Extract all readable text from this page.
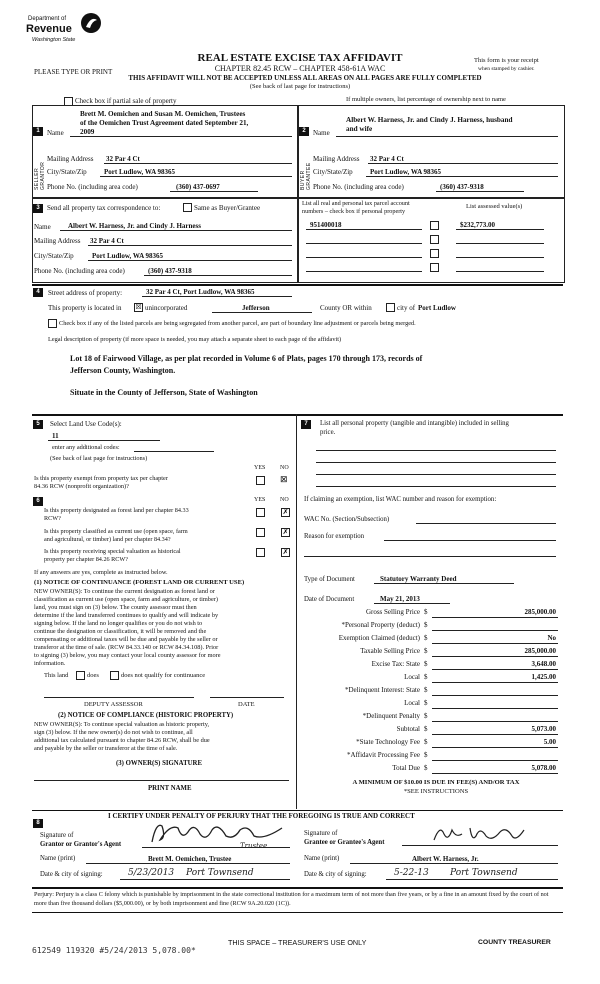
Department of
Revenue
Washington State
REAL ESTATE EXCISE TAX AFFIDAVIT
CHAPTER 82.45 RCW – CHAPTER 458-61A WAC
THIS AFFIDAVIT WILL NOT BE ACCEPTED UNLESS ALL AREAS ON ALL PAGES ARE FULLY COMPLETED
(See back of last page for instructions)
PLEASE TYPE OR PRINT
This form is your receipt
when stamped by cashier.
Check box if partial sale of property	If multiple owners, list percentage of ownership next to name
1	2
SELLER GRANTOR	BUYER GRANTEE
Brett M. Oemichen and Susan M. Oemichen, Trustees
of the Oemichen Trust Agreement dated September 21,
2009
Name
Mailing Address 32 Par 4 Ct
City/State/Zip Port Ludlow, WA 98365
Phone No. (including area code)	(360) 437-0697
Albert W. Harness, Jr. and Cindy J. Harness, husband
and wife
Name
Mailing Address 32 Par 4 Ct
City/State/Zip Port Ludlow, WA 98365
Phone No. (including area code)	(360) 437-9318
3	Send all property tax correspondence to:	Same as Buyer/Grantee
Name Albert W. Harness, Jr. and Cindy J. Harness
Mailing Address 32 Par 4 Ct
City/State/Zip	Port Ludlow, WA 98365
Phone No. (including area code)	(360) 437-9318
List all real and personal tax parcel account
numbers – check box if personal property
List assessed value(s)
951400018	$232,773.00
4	Street address of property:	32 Par 4 Ct, Port Ludlow, WA 98365
This property is located in ☒ unincorporated	Jefferson	County OR within	city of Port Ludlow
Check box if any of the listed parcels are being segregated from another parcel, are part of boundary line adjustment or parcels being merged.
Legal description of property (if more space is needed, you may attach a separate sheet to each page of the affidavit)
Lot 18 of Fairwood Village, as per plat recorded in Volume 6 of Plats, pages 170 through 173, records of
Jefferson County, Washington.
Situate in the County of Jefferson, State of Washington
5	Select Land Use Code(s):
11
enter any additional codes:
(See back of last page for instructions)
YES NO
Is this property exempt from property tax per chapter
84.36 RCW (nonprofit organization)?
⊠
6	YES NO
Is this property designated as forest land per chapter 84.33
RCW?
✗
Is this property classified as current use (open space, farm
and agricultural, or timber) land per chapter 84.34?
✗
Is this property receiving special valuation as historical
property per chapter 84.26 RCW?
✗
If any answers are yes, complete as instructed below.
(1) NOTICE OF CONTINUANCE (FOREST LAND OR CURRENT USE)
NEW OWNER(S): To continue the current designation as forest land or
classification as current use (open space, farm and agriculture, or timber)
land, you must sign on (3) below. The county assessor must then
determine if the land transferred continues to qualify and will indicate by
signing below. If the land no longer qualifies or you do not wish to
continue the designation or classification, it will be removed and the
compensating or additional taxes will be due and payable by the seller or
transferor at the time of sale. (RCW 84.33.140 or RCW 84.34.108). Prior
to signing (3) below, you may contact your local county assessor for more
information.
This land	does	does not qualify for continuance
DEPUTY ASSESSOR	DATE
(2) NOTICE OF COMPLIANCE (HISTORIC PROPERTY)
NEW OWNER(S): To continue special valuation as historic property,
sign (3) below. If the new owner(s) do not wish to continue, all
additional tax calculated pursuant to chapter 84.26 RCW, shall be due
and payable by the seller or transferor at the time of sale.
(3) OWNER(S) SIGNATURE
PRINT NAME
7	List all personal property (tangible and intangible) included in selling
price.
If claiming an exemption, list WAC number and reason for exemption:
WAC No. (Section/Subsection)
Reason for exemption
Type of Document	Statutory Warranty Deed
Date of Document	May 21, 2013
Gross Selling Price $	285,000.00
*Personal Property (deduct) $
Exemption Claimed (deduct) $	No
Taxable Selling Price $	285,000.00
Excise Tax: State $	3,648.00
Local $	1,425.00
*Delinquent Interest: State $
Local $
*Delinquent Penalty $
Subtotal $	5,073.00
*State Technology Fee $	5.00
*Affidavit Processing Fee $
Total Due $	5,078.00
A MINIMUM OF $10.00 IS DUE IN FEE(S) AND/OR TAX
*SEE INSTRUCTIONS
8
I CERTIFY UNDER PENALTY OF PERJURY THAT THE FOREGOING IS TRUE AND CORRECT
Signature of
Grantor or Grantor's Agent	Trustee
Name (print)	Brett M. Oemichen, Trustee
Date & city of signing:	5/23/2013 Port Townsend
Signature of
Grantee or Grantee's Agent
Name (print)	Albert W. Harness, Jr.
Date & city of signing:	5-22-13 Port Townsend
Perjury: Perjury is a class C felony which is punishable by imprisonment in the state correctional institution for a maximum term of not more than five years, or by a fine in an amount fixed by the court of not more than five thousand dollars ($5,000.00), or by both imprisonment and fine (RCW 9A.20.020 (1C)).
612549 119320 #5/24/2013 5,078.00*
THIS SPACE – TREASURER'S USE ONLY	COUNTY TREASURER
